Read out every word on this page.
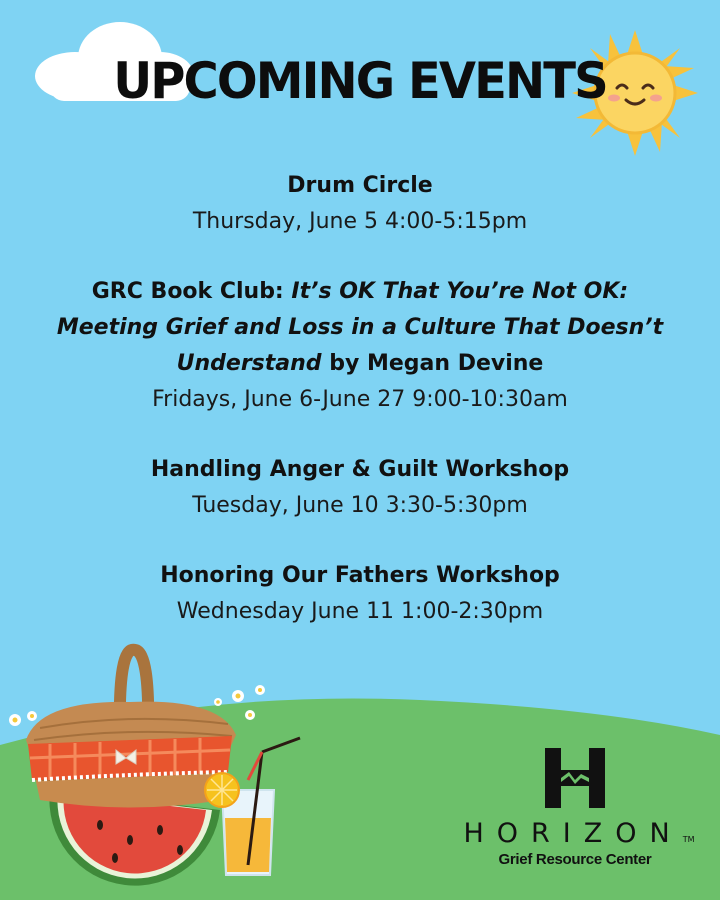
UPCOMING EVENTS
Drum Circle
Thursday, June 5 4:00-5:15pm
GRC Book Club: It’s OK That You’re Not OK: Meeting Grief and Loss in a Culture That Doesn’t Understand by Megan Devine
Fridays, June 6-June 27 9:00-10:30am
Handling Anger & Guilt Workshop
Tuesday, June 10 3:30-5:30pm
Honoring Our Fathers Workshop
Wednesday June 11 1:00-2:30pm
HORIZONTM
Grief Resource Center
